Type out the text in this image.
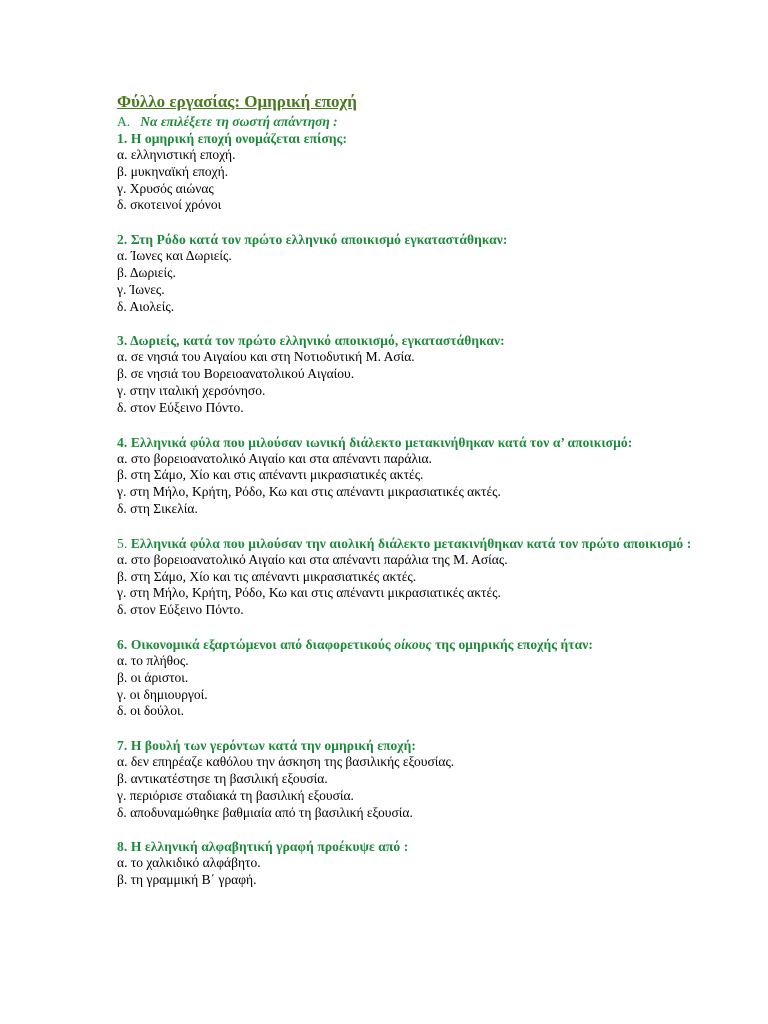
Φύλλο εργασίας: Ομηρική εποχή
Α. Να επιλέξετε τη σωστή απάντηση :
1. Η ομηρική εποχή ονομάζεται επίσης:
α. ελληνιστική εποχή.
β. μυκηναϊκή εποχή.
γ. Χρυσός αιώνας
δ. σκοτεινοί χρόνοι
2. Στη Ρόδο κατά τον πρώτο ελληνικό αποικισμό εγκαταστάθηκαν:
α. Ίωνες και Δωριείς.
β. Δωριείς.
γ. Ίωνες.
δ. Αιολείς.
3. Δωριείς, κατά τον πρώτο ελληνικό αποικισμό, εγκαταστάθηκαν:
α. σε νησιά του Αιγαίου και στη Νοτιοδυτική Μ. Ασία.
β. σε νησιά του Βορειοανατολικού Αιγαίου.
γ. στην ιταλική χερσόνησο.
δ. στον Εύξεινο Πόντο.
4. Ελληνικά φύλα που μιλούσαν ιωνική διάλεκτο μετακινήθηκαν κατά τον α’ αποικισμό:
α. στο βορειοανατολικό Αιγαίο και στα απέναντι παράλια.
β. στη Σάμο, Χίο και στις απέναντι μικρασιατικές ακτές.
γ. στη Μήλο, Κρήτη, Ρόδο, Κω και στις απέναντι μικρασιατικές ακτές.
δ. στη Σικελία.
5. Ελληνικά φύλα που μιλούσαν την αιολική διάλεκτο μετακινήθηκαν κατά τον πρώτο αποικισμό :
α. στο βορειοανατολικό Αιγαίο και στα απέναντι παράλια της Μ. Ασίας.
β. στη Σάμο, Χίο και τις απέναντι μικρασιατικές ακτές.
γ. στη Μήλο, Κρήτη, Ρόδο, Κω και στις απέναντι μικρασιατικές ακτές.
δ. στον Εύξεινο Πόντο.
6. Οικονομικά εξαρτώμενοι από διαφορετικούς οίκους της ομηρικής εποχής ήταν:
α. το πλήθος.
β. οι άριστοι.
γ. οι δημιουργοί.
δ. οι δούλοι.
7. Η βουλή των γερόντων κατά την ομηρική εποχή:
α. δεν επηρέαζε καθόλου την άσκηση της βασιλικής εξουσίας.
β. αντικατέστησε τη βασιλική εξουσία.
γ. περιόρισε σταδιακά τη βασιλική εξουσία.
δ. αποδυναμώθηκε βαθμιαία από τη βασιλική εξουσία.
8. Η ελληνική αλφαβητική γραφή προέκυψε από :
α. το χαλκιδικό αλφάβητο.
β. τη γραμμική Β΄ γραφή.
